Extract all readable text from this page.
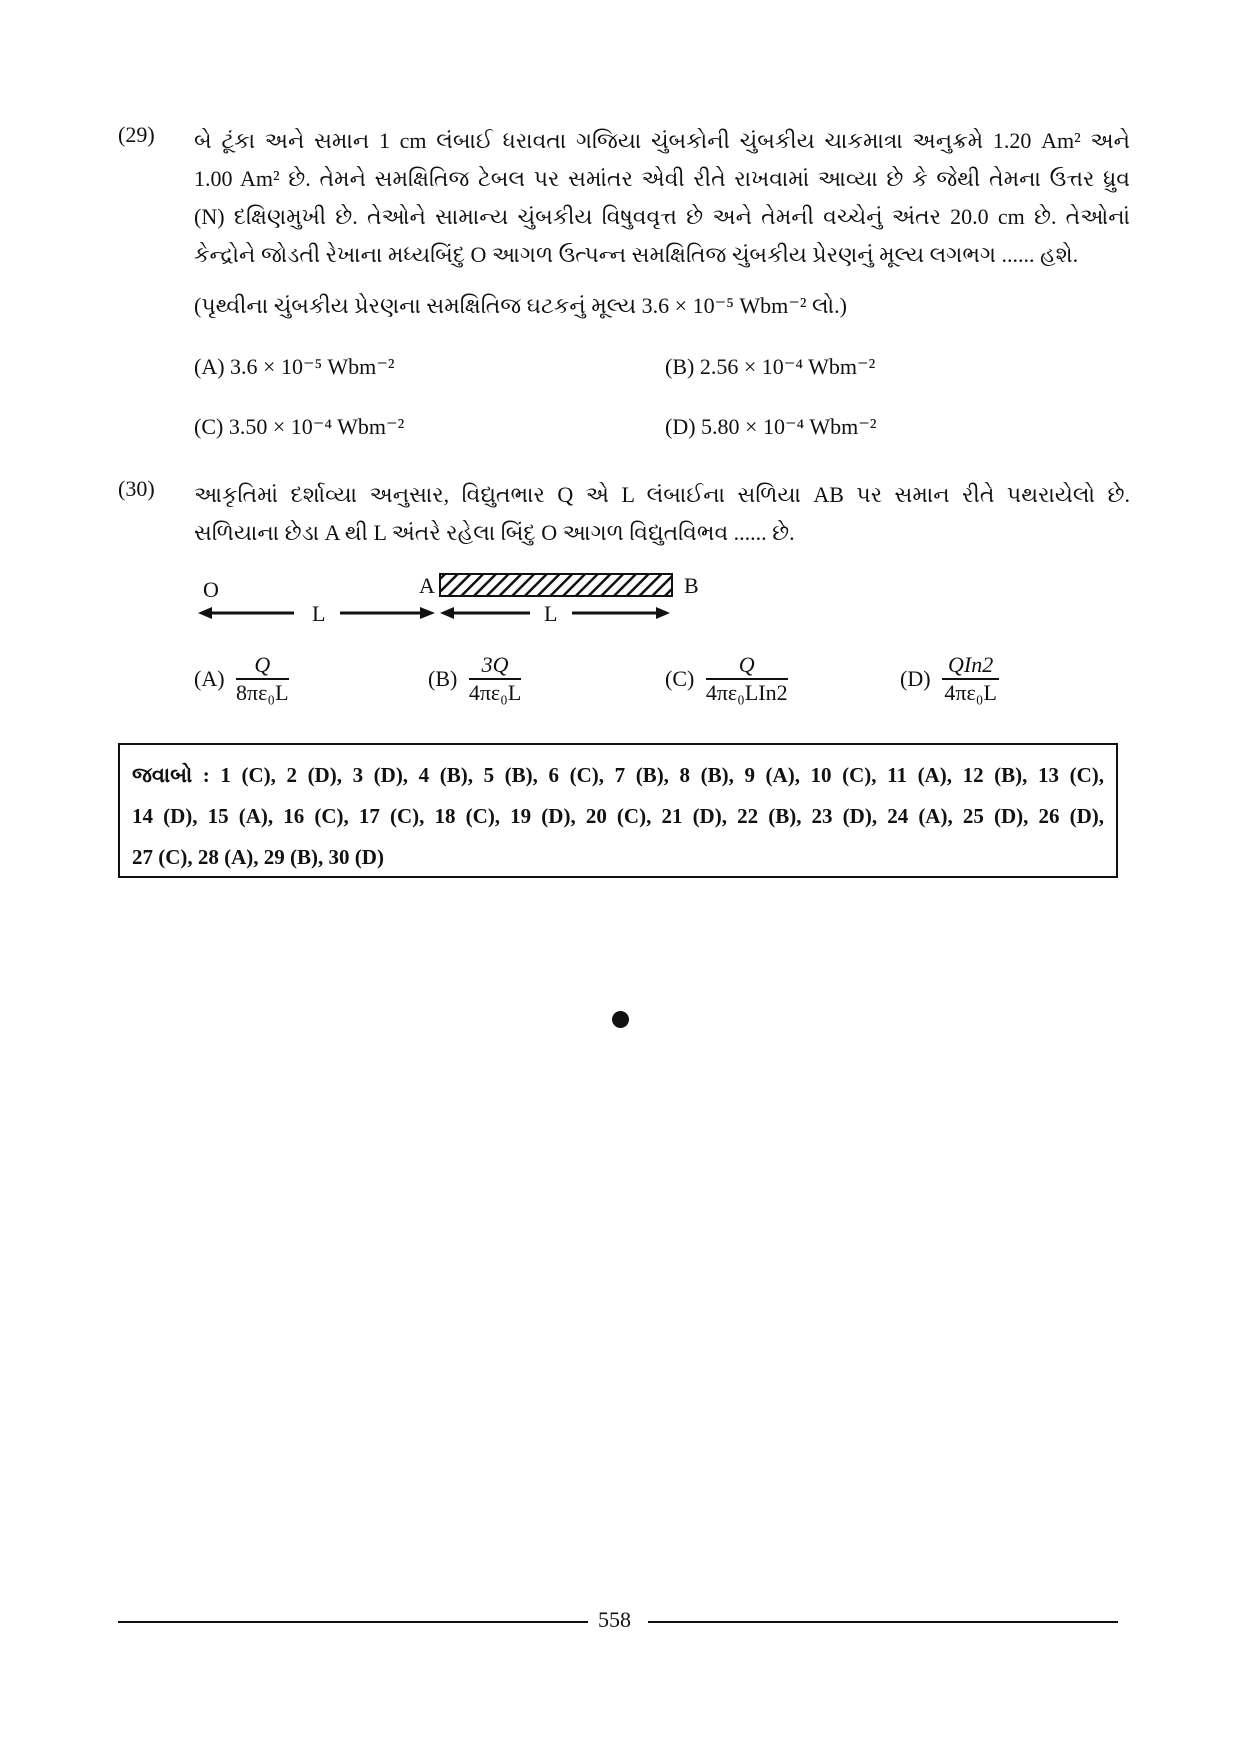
(29) બે ટૂંકા અને સમાન 1 cm લંબાઈ ધરાવતા ગજિયા ચુંબકોની ચુંબકીય ચાકમાત્રા અનુક્રમે 1.20 Am² અને
1.00 Am² છે. તેમને સમક્ષિતિજ ટેબલ પર સમાંતર એવી રીતે રાખવામાં આવ્યા છે કે જેથી તેમના ઉત્તર ધ્રુવ
(N) દક્ષિણમુખી છે. તેઓને સામાન્ય ચુંબકીય વિષુવવૃત્ત છે અને તેમની વચ્ચેનું અંતર 20.0 cm છે. તેઓનાં
કેન્દ્રોને જોડતી રેખાના મધ્યબિંદુ O આગળ ઉત્પન્ન સમક્ષિતિજ ચુંબકીય પ્રેરણનું મૂલ્ય લગભગ ...... હશે.
(પૃથ્વીના ચુંબકીય પ્રેરણના સમક્ષિતિજ ઘટકનું મૂલ્ય 3.6 × 10⁻⁵ Wbm⁻² લો.)
(A) 3.6 × 10⁻⁵ Wbm⁻²	(B) 2.56 × 10⁻⁴ Wbm⁻²
(C) 3.50 × 10⁻⁴ Wbm⁻²	(D) 5.80 × 10⁻⁴ Wbm⁻²
(30) આકૃતિમાં દર્શાવ્યા અનુસાર, વિદ્યુતભાર Q એ L લંબાઈના સળિયા AB પર સમાન રીતે પથરાયેલો છે.
સળિયાના છેડા A થી L અંતરે રહેલા બિંદુ O આગળ વિદ્યુતવિભવ ...... છે.
O	A	B
L	L
$(A) \frac{Q}{\text{8πε₀L}}$	$(B) \frac{3Q}{\text{4πε₀L}}$	$(C) \frac{Q}{\text{4πε₀LIn2}}$	$(D) \frac{\text{QIn2}}{\text{4πε₀L}}$
જવાબો : 1 (C), 2 (D), 3 (D), 4 (B), 5 (B), 6 (C), 7 (B), 8 (B), 9 (A), 10 (C), 11 (A), 12 (B), 13 (C),
14 (D), 15 (A), 16 (C), 17 (C), 18 (C), 19 (D), 20 (C), 21 (D), 22 (B), 23 (D), 24 (A), 25 (D), 26 (D),
27 (C), 28 (A), 29 (B), 30 (D)
558
